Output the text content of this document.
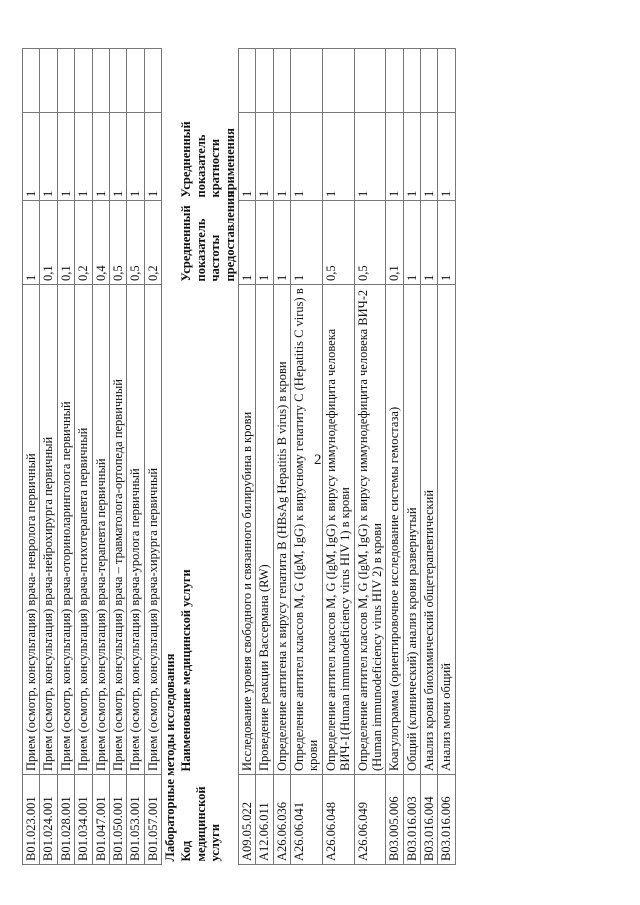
2
B01.023.001	Прием (осмотр, консультация) врача- невролога первичный	1	1	
B01.024.001	Прием (осмотр, консультация) врача-нейрохирурга первичный	0,1	1	
B01.028.001	Прием (осмотр, консультация) врача-оториноларинголога первичный	0,1	1	
B01.034.001	Прием (осмотр, консультация) врача-психотерапевта первичный	0,2	1	
B01.047.001	Прием (осмотр, консультация) врача-терапевта первичный	0,4	1	
B01.050.001	Прием (осмотр, консультация) врача – травматолога-ортопеда первичный	0,5	1	
B01.053.001	Прием (осмотр, консультация) врача-уролога первичный	0,5	1	
B01.057.001	Прием (осмотр, консультация) врача-хирурга первичный	0,2	1	
Лабораторные методы исследования				
Код медицинской услуги	Наименование медицинской услуги	Усредненный показатель частоты предоставления	Усредненный показатель кратности применения	
A09.05.022	Исследование уровня свободного и связанного билирубина в крови	1	1	
A12.06.011	Проведение реакции Вассермана (RW)	1	1	
A26.06.036	Определение антигена к вирусу гепатита B (HBsAg Hepatitis B virus) в крови	1	1	
A26.06.041	Определение антител классов M, G (IgM, IgG) к вирусному гепатиту C (Hepatitis C virus) в крови	1	1	
A26.06.048	Определение антител классов M, G (IgM, IgG) к вирусу иммунодефицита человека ВИЧ-1(Human immunodeficiency virus HIV 1) в крови	0,5	1	
A26.06.049	Определение антител классов M, G (IgM, IgG) к вирусу иммунодефицита человека ВИЧ-2 (Human immunodeficiency virus HIV 2) в крови	0,5	1	
B03.005.006	Коагулограмма (ориентировочное исследование системы гемостаза)	0,1	1	
B03.016.003	Общий (клинический) анализ крови развернутый	1	1	
B03.016.004	Анализ крови биохимический общетерапевтический	1	1	
B03.016.006	Анализ мочи общий	1	1	
